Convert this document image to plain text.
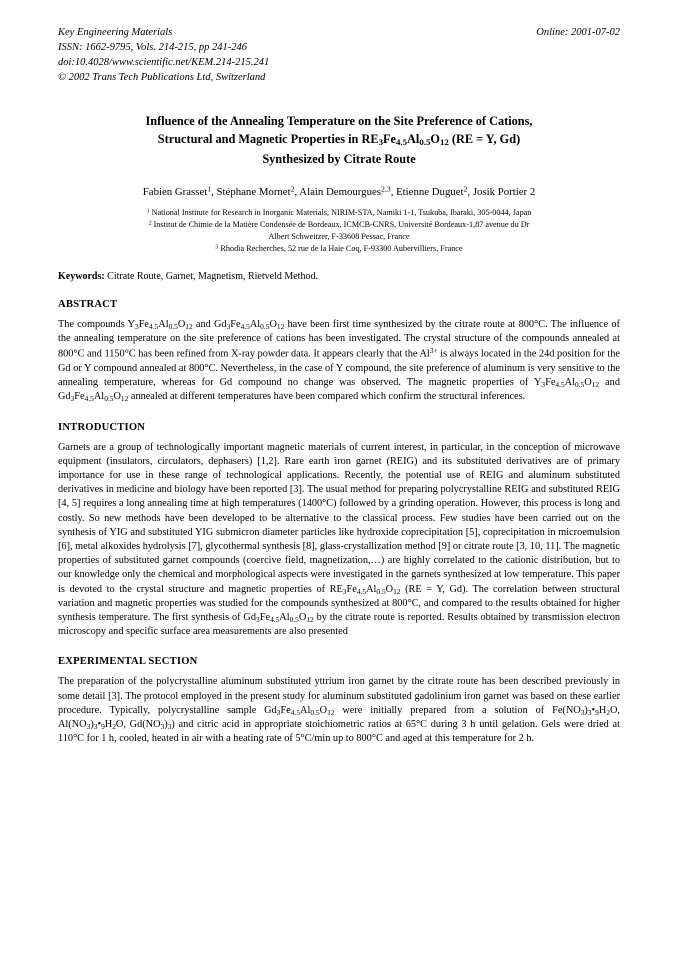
Key Engineering Materials
ISSN: 1662-9795, Vols. 214-215, pp 241-246
doi:10.4028/www.scientific.net/KEM.214-215.241
© 2002 Trans Tech Publications Ltd, Switzerland
Online: 2001-07-02
Influence of the Annealing Temperature on the Site Preference of Cations,
Structural and Magnetic Properties in $RE_3Fe_{4.5}Al_{0.5}O_{12}$ (RE = Y, Gd)
Synthesized by Citrate Route
Fabien Grasset$^1$, Stéphane Mornet$^2$, Alain Demourgues$^{2,3}$, Etienne Duguet$^2$, Josik Portier 2
$^1$ National Institute for Research in Inorganic Materials, NIRIM-STA, Namiki 1-1, Tsukuba, Ibaraki, 305-0044, Japan
$^2$ Institut de Chimie de la Matière Condensée de Bordeaux, ICMCB-CNRS, Université Bordeaux-1,87 avenue du Dr
Albert Schweitzer, F-33608 Pessac, France
$^3$ Rhodia Recherches, 52 rue de la Haie Coq, F-93300 Aubervilliers, France
Keywords: Citrate Route, Garnet, Magnetism, Rietveld Method.
ABSTRACT

The compounds $Y_3Fe_{4.5}Al_{0.5}O_{12}$ and $Gd_3Fe_{4.5}Al_{0.5}O_{12}$ have been first time synthesized by the citrate route at 800°C. The influence of the annealing temperature on the site preference of cations has been investigated. The crystal structure of the compounds annealed at 800°C and 1150°C has been refined from X-ray powder data. It appears clearly that the $Al^{3+}$ is always located in the 24d position for the Gd or Y compound annealed at 800°C. Nevertheless, in the case of Y compound, the site preference of aluminum is very sensitive to the annealing temperature, whereas for Gd compound no change was observed. The magnetic properties of $Y_3Fe_{4.5}Al_{0.5}O_{12}$ and $Gd_3Fe_{4.5}Al_{0.5}O_{12}$ annealed at different temperatures have been compared which confirm the structural inferences.

INTRODUCTION

Garnets are a group of technologically important magnetic materials of current interest, in particular, in the conception of microwave equipment (insulators, circulators, dephasers) [1,2]. Rare earth iron garnet (REIG) and its substituted derivatives are of primary importance for use in these range of technological applications. Recently, the potential use of REIG and aluminum substituted derivatives in medicine and biology have been reported [3]. The usual method for preparing polycrystalline REIG and substituted REIG [4, 5] requires a long annealing time at high temperatures (1400°C) followed by a grinding operation. However, this process is long and costly. So new methods have been developed to be alternative to the classical process. Few studies have been carried out on the synthesis of YIG and substituted YIG submicron diameter particles like hydroxide coprecipitation [5], coprecipitation in microemulsion [6], metal alkoxides hydrolysis [7], glycothermal synthesis [8], glass-crystallization method [9] or citrate route [3, 10, 11]. The magnetic properties of substituted garnet compounds (coercive field, magnetization,…) are highly correlated to the cationic distribution, but to our knowledge only the chemical and morphological aspects were investigated in the garnets synthesized at low temperature. This paper is devoted to the crystal structure and magnetic properties of $RE_3Fe_{4.5}Al_{0.5}O_{12}$ (RE = Y, Gd). The correlation between structural variation and magnetic properties was studied for the compounds synthesized at 800°C, and compared to the results obtained for higher synthesis temperature. The first synthesis of $Gd_3Fe_{4.5}Al_{0.5}O_{12}$ by the citrate route is reported. Results obtained by transmission electron microscopy and specific surface area measurements are also presented

EXPERIMENTAL SECTION

The preparation of the polycrystalline aluminum substituted yttrium iron garnet by the citrate route has been described previously in some detail [3]. The protocol employed in the present study for aluminum substituted gadolinium iron garnet was based on these earlier procedure. Typically, polycrystalline sample $Gd_3Fe_{4.5}Al_{0.5}O_{12}$ were initially prepared from a solution of $Fe(NO_3)_3•_9H_2O$, $Al(NO_3)_3•_9H_2O$, $Gd(NO_3)_3$) and citric acid in appropriate stoichiometric ratios at 65°C during 3 h until gelation. Gels were dried at 110°C for 1 h, cooled, heated in air with a heating rate of 5°C/min up to 800°C and aged at this temperature for 2 h.
